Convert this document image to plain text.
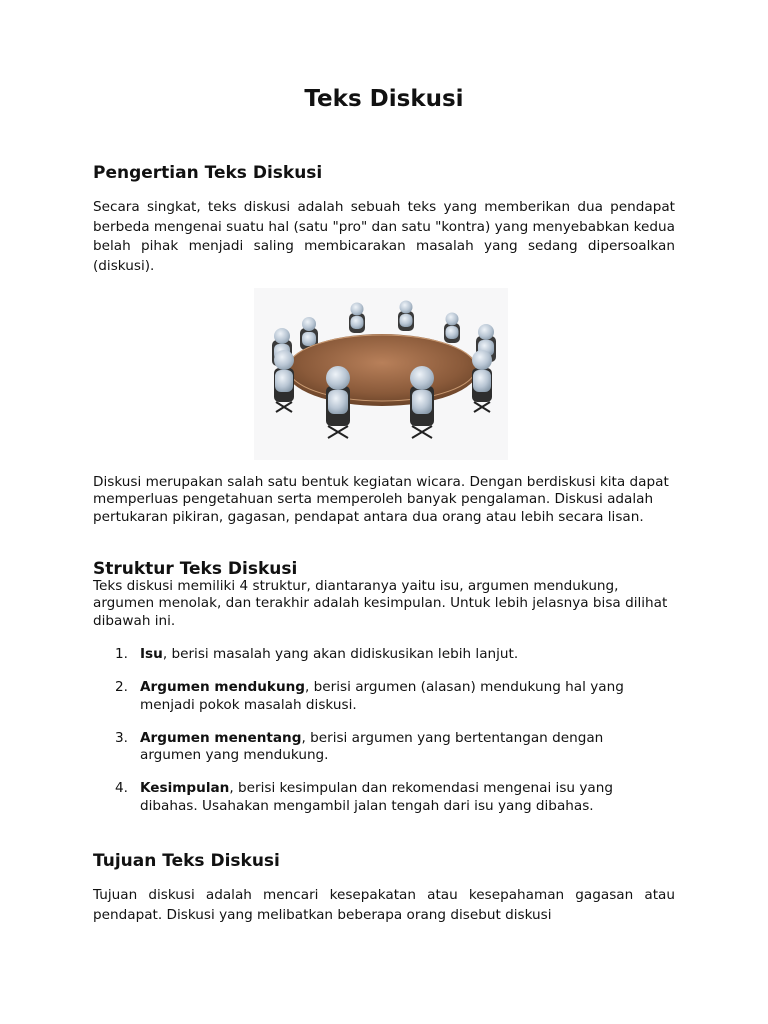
Teks Diskusi
Pengertian Teks Diskusi

Secara singkat, teks diskusi adalah sebuah teks yang memberikan dua pendapat berbeda mengenai suatu hal (satu "pro" dan satu "kontra) yang menyebabkan kedua belah pihak menjadi saling membicarakan masalah yang sedang dipersoalkan (diskusi).

Diskusi merupakan salah satu bentuk kegiatan wicara. Dengan berdiskusi kita dapat memperluas pengetahuan serta memperoleh banyak pengalaman. Diskusi adalah pertukaran pikiran, gagasan, pendapat antara dua orang atau lebih secara lisan.

Struktur Teks Diskusi

Teks diskusi memiliki 4 struktur, diantaranya yaitu isu, argumen mendukung, argumen menolak, dan terakhir adalah kesimpulan. Untuk lebih jelasnya bisa dilihat dibawah ini.

1. Isu, berisi masalah yang akan didiskusikan lebih lanjut.
2. Argumen mendukung, berisi argumen (alasan) mendukung hal yang menjadi pokok masalah diskusi.
3. Argumen menentang, berisi argumen yang bertentangan dengan argumen yang mendukung.
4. Kesimpulan, berisi kesimpulan dan rekomendasi mengenai isu yang dibahas. Usahakan mengambil jalan tengah dari isu yang dibahas.
Tujuan Teks Diskusi

Tujuan diskusi adalah mencari kesepakatan atau kesepahaman gagasan atau pendapat. Diskusi yang melibatkan beberapa orang disebut diskusi
